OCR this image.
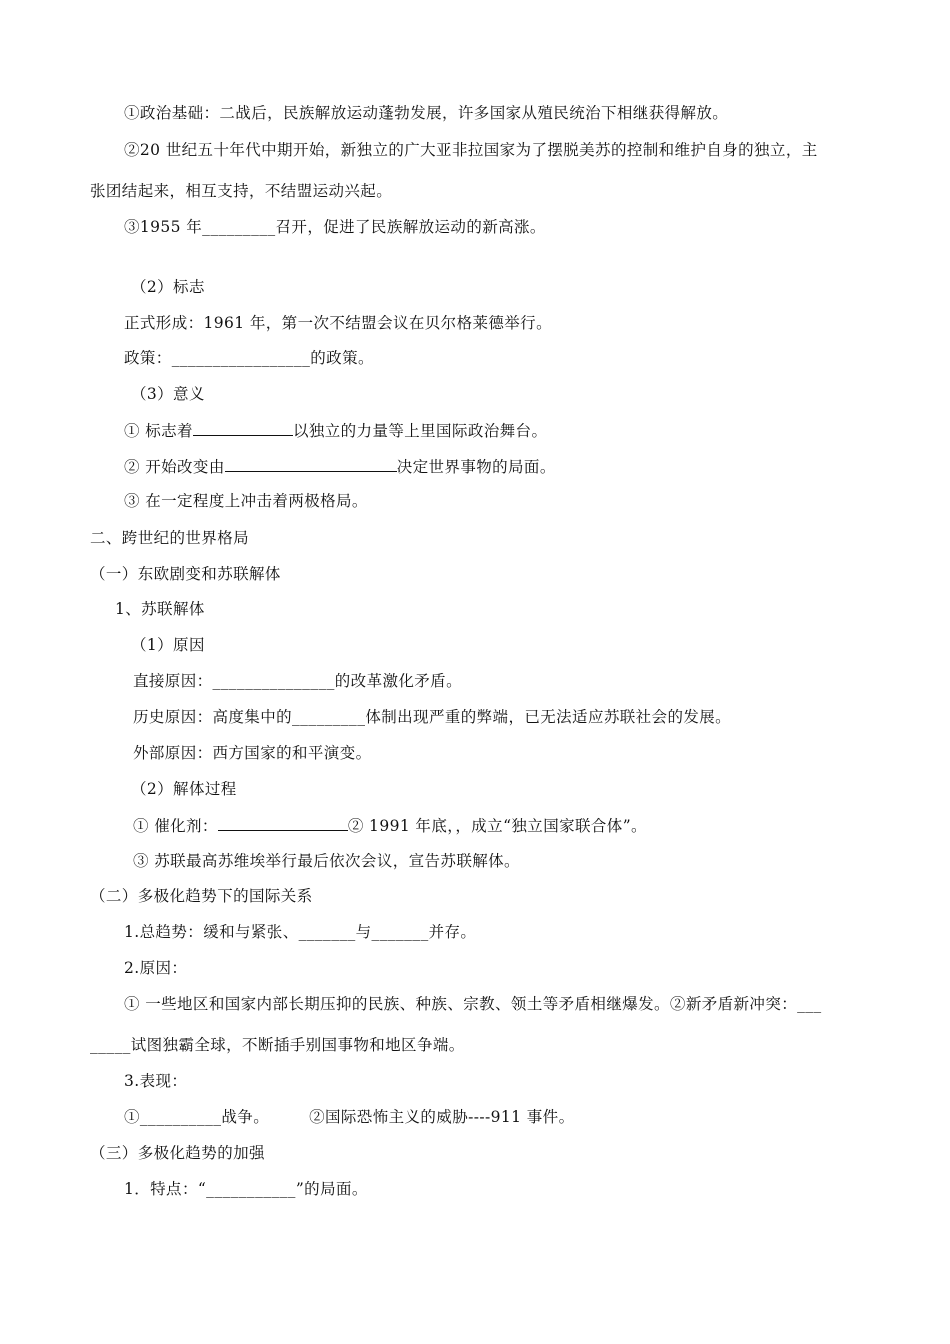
①政治基础：二战后，民族解放运动蓬勃发展，许多国家从殖民统治下相继获得解放。
②20 世纪五十年代中期开始，新独立的广大亚非拉国家为了摆脱美苏的控制和维护自身的独立，主
张团结起来，相互支持，不结盟运动兴起。
③1955 年_________召开，促进了民族解放运动的新高涨。
（2）标志
正式形成：1961 年，第一次不结盟会议在贝尔格莱德举行。
政策：_________________的政策。
（3）意义
① 标志着	以独立的力量等上里国际政治舞台。
② 开始改变由	决定世界事物的局面。
③ 在一定程度上冲击着两极格局。
二、跨世纪的世界格局
（一）东欧剧变和苏联解体
1、苏联解体
（1）原因
直接原因：_______________的改革激化矛盾。
历史原因：高度集中的_________体制出现严重的弊端，已无法适应苏联社会的发展。
外部原因：西方国家的和平演变。
（2）解体过程
① 催化剂：	② 1991 年底，，成立“独立国家联合体”。
③ 苏联最高苏维埃举行最后依次会议，宣告苏联解体。
（二）多极化趋势下的国际关系
1.总趋势：缓和与紧张、_______与_______并存。
2.原因：
① 一些地区和国家内部长期压抑的民族、种族、宗教、领土等矛盾相继爆发。②新矛盾新冲突：___
_____试图独霸全球，不断插手别国事物和地区争端。
3.表现：
①__________战争。	②国际恐怖主义的威胁----911 事件。
（三）多极化趋势的加强
1．特点：“___________”的局面。
